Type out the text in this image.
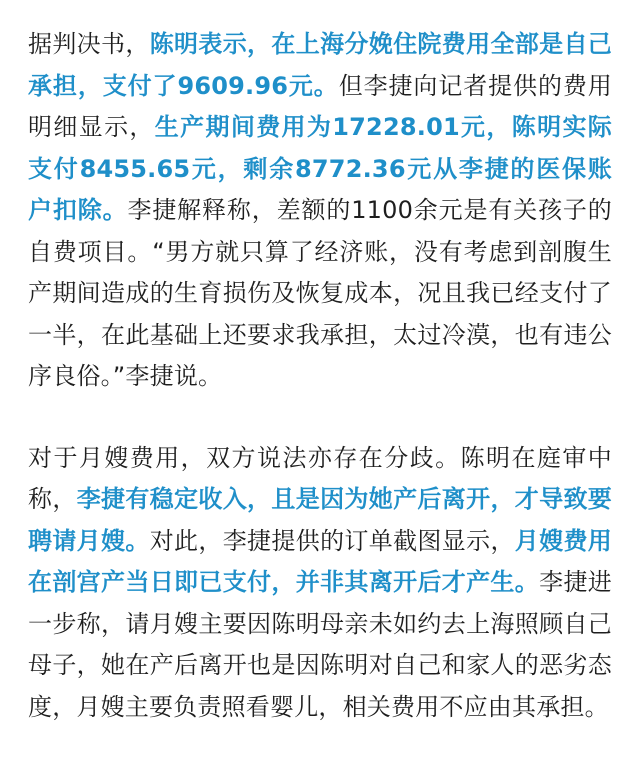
据判决书，陈明表示，在上海分娩住院费用全部是自己承担，支付了9609.96元。但李捷向记者提供的费用明细显示，生产期间费用为17228.01元，陈明实际支付8455.65元，剩余8772.36元从李捷的医保账户扣除。李捷解释称，差额的1100余元是有关孩子的自费项目。“男方就只算了经济账，没有考虑到剖腹生产期间造成的生育损伤及恢复成本，况且我已经支付了一半，在此基础上还要求我承担，太过冷漠，也有违公序良俗。”李捷说。

对于月嫂费用，双方说法亦存在分歧。陈明在庭审中称，李捷有稳定收入，且是因为她产后离开，才导致要聘请月嫂。对此，李捷提供的订单截图显示，月嫂费用在剖宫产当日即已支付，并非其离开后才产生。李捷进一步称，请月嫂主要因陈明母亲未如约去上海照顾自己母子，她在产后离开也是因陈明对自己和家人的恶劣态度，月嫂主要负责照看婴儿，相关费用不应由其承担。
